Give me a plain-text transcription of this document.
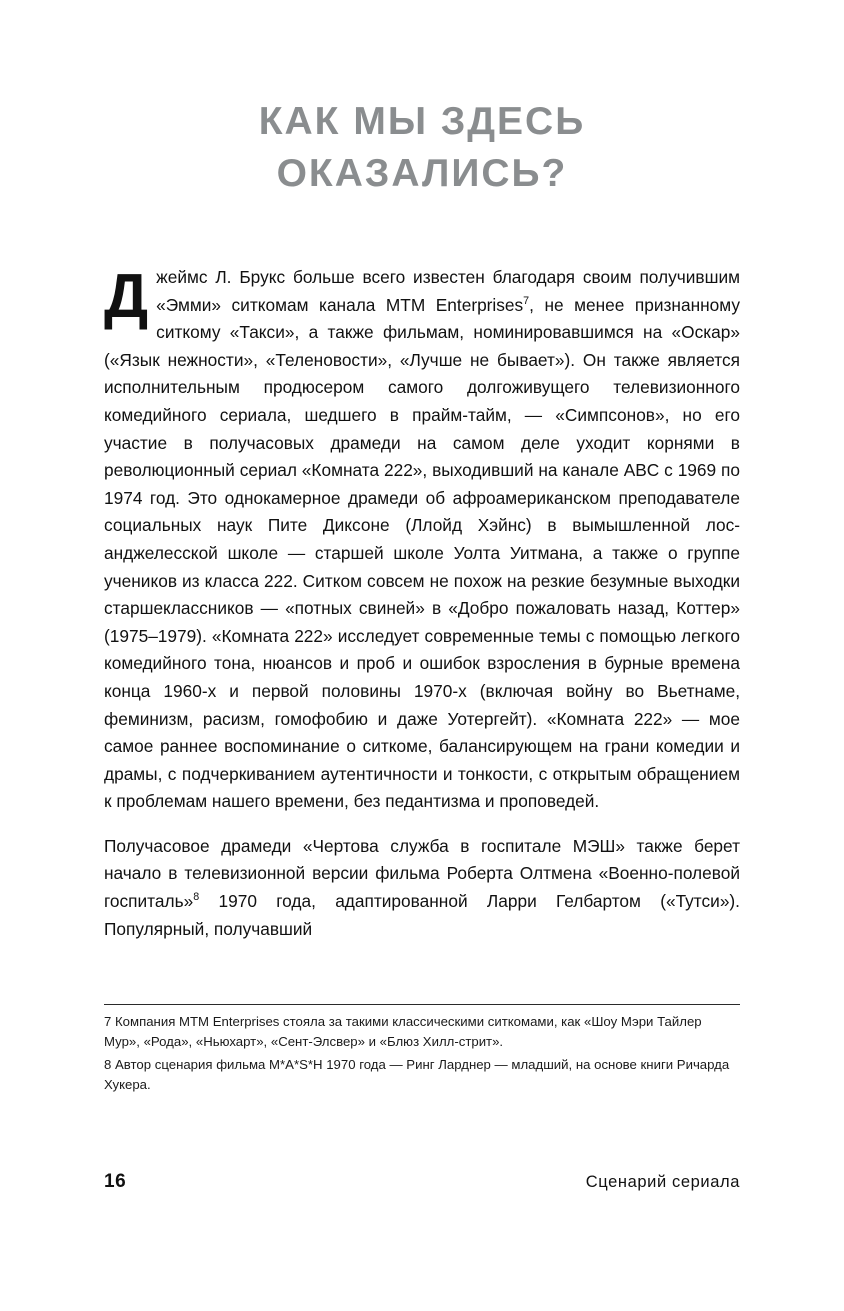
КАК МЫ ЗДЕСЬ
ОКАЗАЛИСЬ?

Джеймс Л. Брукс больше всего известен благодаря своим получившим «Эмми» ситкомам канала MTM Enterprises$^7$, не менее признанному ситкому «Такси», а также фильмам, номинировавшимся на «Оскар» («Язык нежности», «Теленовости», «Лучше не бывает»). Он также является исполнительным продюсером самого долгоживущего телевизионного комедийного сериала, шедшего в прайм-тайм, — «Симпсонов», но его участие в получасовых драмеди на самом деле уходит корнями в революционный сериал «Комната 222», выходивший на канале ABC с 1969 по 1974 год. Это однокамерное драмеди об афроамериканском преподавателе социальных наук Пите Диксоне (Ллойд Хэйнс) в вымышленной лос-анджелесской школе — старшей школе Уолта Уитмана, а также о группе учеников из класса 222. Ситком совсем не похож на резкие безумные выходки старшеклассников — «потных свиней» в «Добро пожаловать назад, Коттер» (1975–1979). «Комната 222» исследует современные темы с помощью легкого комедийного тона, нюансов и проб и ошибок взросления в бурные времена конца 1960-х и первой половины 1970-х (включая войну во Вьетнаме, феминизм, расизм, гомофобию и даже Уотергейт). «Комната 222» — мое самое раннее воспоминание о ситкоме, балансирующем на грани комедии и драмы, с подчеркиванием аутентичности и тонкости, с открытым обращением к проблемам нашего времени, без педантизма и проповедей.

Получасовое драмеди «Чертова служба в госпитале МЭШ» также берет начало в телевизионной версии фильма Роберта Олтмена «Военно-полевой госпиталь»$^8$ 1970 года, адаптированной Ларри Гелбартом («Тутси»). Популярный, получавший

7 Компания MTM Enterprises стояла за такими классическими ситкомами, как «Шоу Мэри Тайлер Мур», «Рода», «Ньюхарт», «Сент-Элсвер» и «Блюз Хилл-стрит».

8 Автор сценария фильма M*A*S*H 1970 года — Ринг Ларднер — младший, на основе книги Ричарда Хукера.

16	Сценарий сериала
